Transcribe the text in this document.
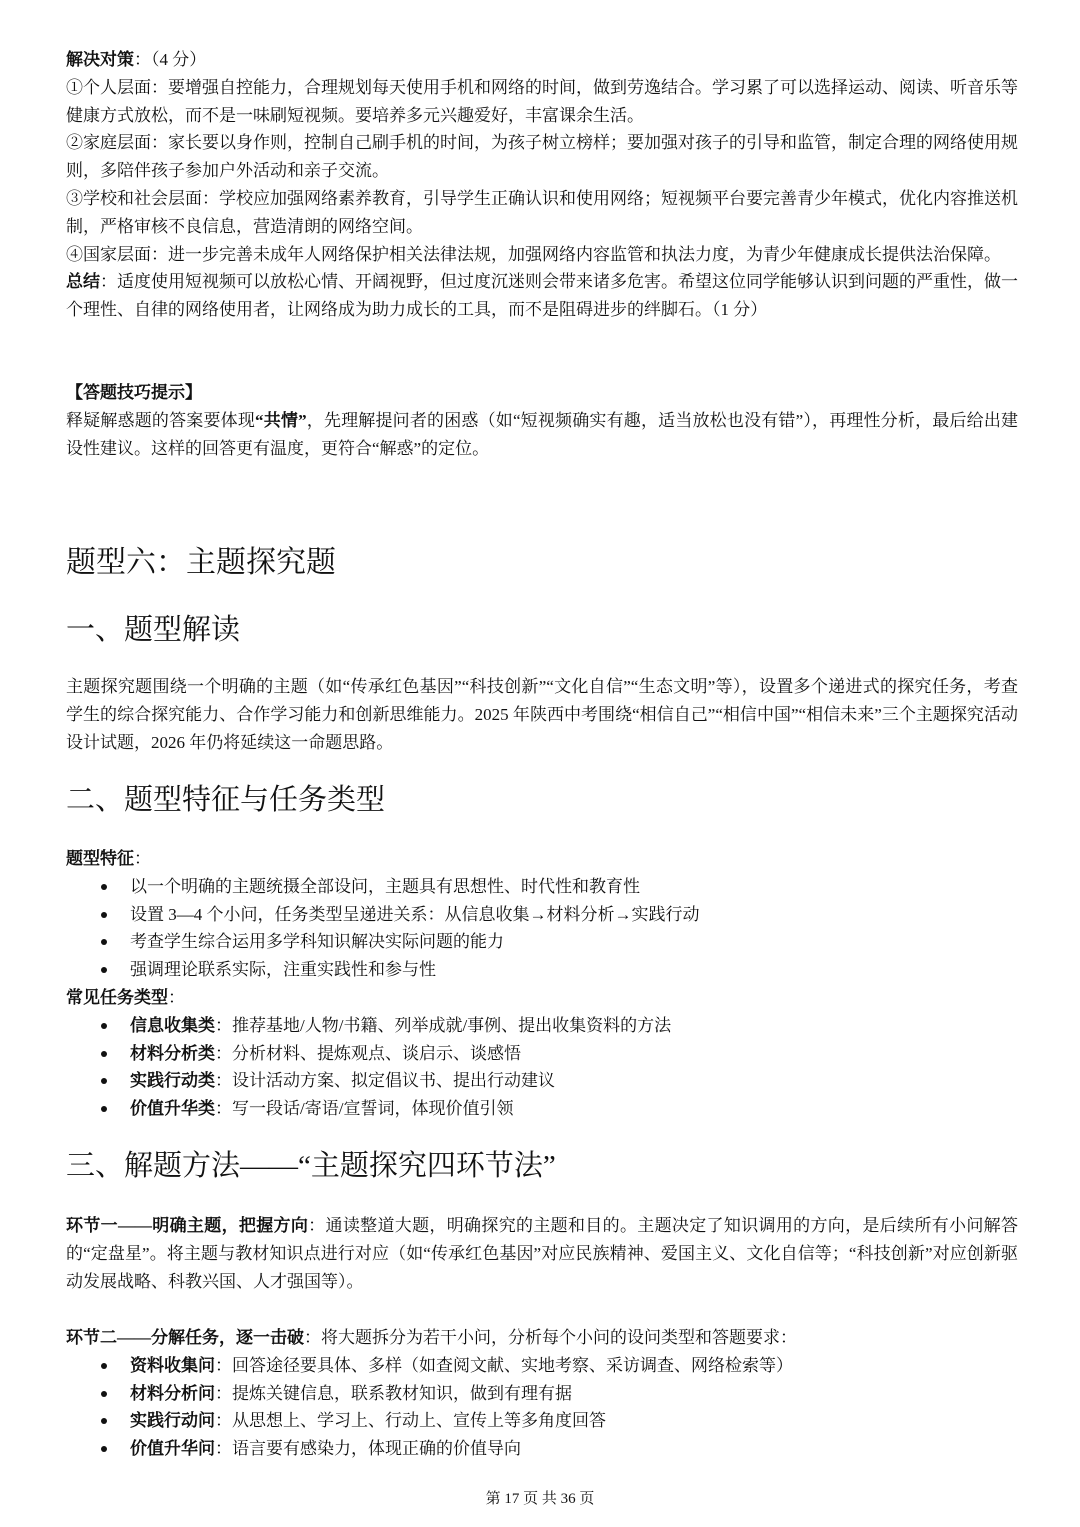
解决对策：（4 分）

①个人层面：要增强自控能力，合理规划每天使用手机和网络的时间，做到劳逸结合。学习累了可以选择运动、阅读、听音乐等健康方式放松，而不是一味刷短视频。要培养多元兴趣爱好，丰富课余生活。

②家庭层面：家长要以身作则，控制自己刷手机的时间，为孩子树立榜样；要加强对孩子的引导和监管，制定合理的网络使用规则，多陪伴孩子参加户外活动和亲子交流。

③学校和社会层面：学校应加强网络素养教育，引导学生正确认识和使用网络；短视频平台要完善青少年模式，优化内容推送机制，严格审核不良信息，营造清朗的网络空间。

④国家层面：进一步完善未成年人网络保护相关法律法规，加强网络内容监管和执法力度，为青少年健康成长提供法治保障。

总结：适度使用短视频可以放松心情、开阔视野，但过度沉迷则会带来诸多危害。希望这位同学能够认识到问题的严重性，做一个理性、自律的网络使用者，让网络成为助力成长的工具，而不是阻碍进步的绊脚石。（1 分）

【答题技巧提示】

释疑解惑题的答案要体现“共情”，先理解提问者的困惑（如“短视频确实有趣，适当放松也没有错”），再理性分析，最后给出建设性建议。这样的回答更有温度，更符合“解惑”的定位。

题型六：主题探究题
一、题型解读
主题探究题围绕一个明确的主题（如“传承红色基因”“科技创新”“文化自信”“生态文明”等），设置多个递进式的探究任务，考查学生的综合探究能力、合作学习能力和创新思维能力。2025 年陕西中考围绕“相信自己”“相信中国”“相信未来”三个主题探究活动设计试题，2026 年仍将延续这一命题思路。
二、题型特征与任务类型

题型特征：

以一个明确的主题统摄全部设问，主题具有思想性、时代性和教育性
设置 3—4 个小问，任务类型呈递进关系：从信息收集→材料分析→实践行动
考查学生综合运用多学科知识解决实际问题的能力
强调理论联系实际，注重实践性和参与性

常见任务类型：

信息收集类：推荐基地/人物/书籍、列举成就/事例、提出收集资料的方法
材料分析类：分析材料、提炼观点、谈启示、谈感悟
实践行动类：设计活动方案、拟定倡议书、提出行动建议
价值升华类：写一段话/寄语/宣誓词，体现价值引领
三、解题方法——“主题探究四环节法”

环节一——明确主题，把握方向：通读整道大题，明确探究的主题和目的。主题决定了知识调用的方向，是后续所有小问解答的“定盘星”。将主题与教材知识点进行对应（如“传承红色基因”对应民族精神、爱国主义、文化自信等；“科技创新”对应创新驱动发展战略、科教兴国、人才强国等）。

环节二——分解任务，逐一击破：将大题拆分为若干小问，分析每个小问的设问类型和答题要求：

资料收集问：回答途径要具体、多样（如查阅文献、实地考察、采访调查、网络检索等）
材料分析问：提炼关键信息，联系教材知识，做到有理有据
实践行动问：从思想上、学习上、行动上、宣传上等多角度回答
价值升华问：语言要有感染力，体现正确的价值导向
第 17 页 共 36 页
